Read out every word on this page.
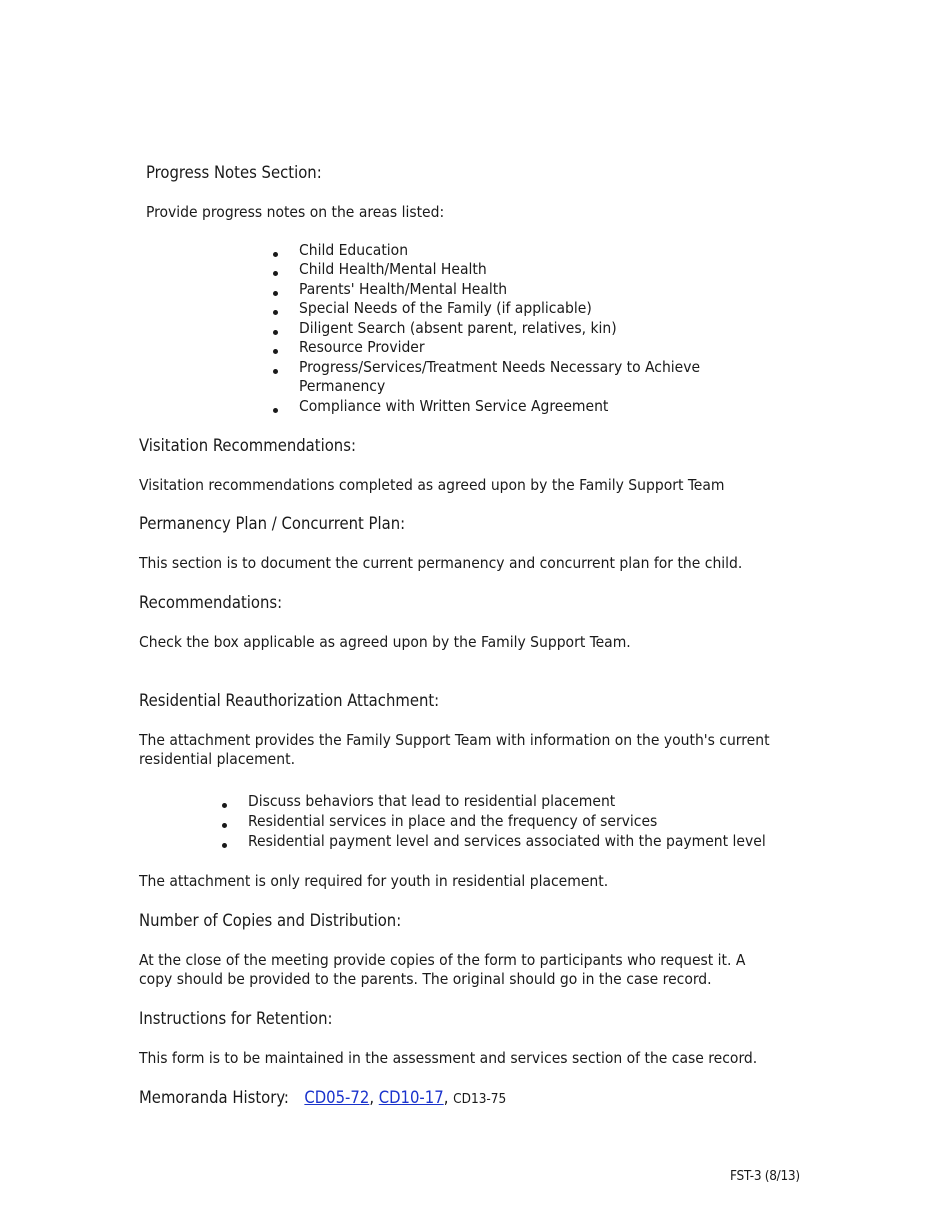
Progress Notes Section:
Provide progress notes on the areas listed:
Child Education
Child Health/Mental Health
Parents' Health/Mental Health
Special Needs of the Family (if applicable)
Diligent Search (absent parent, relatives, kin)
Resource Provider
Progress/Services/Treatment Needs Necessary to Achieve
Permanency
Compliance with Written Service Agreement
Visitation Recommendations:
Visitation recommendations completed as agreed upon by the Family Support Team
Permanency Plan / Concurrent Plan:
This section is to document the current permanency and concurrent plan for the child.
Recommendations:
Check the box applicable as agreed upon by the Family Support Team.
Residential Reauthorization Attachment:
The attachment provides the Family Support Team with information on the youth's current
residential placement.
Discuss behaviors that lead to residential placement
Residential services in place and the frequency of services
Residential payment level and services associated with the payment level
The attachment is only required for youth in residential placement.
Number of Copies and Distribution:
At the close of the meeting provide copies of the form to participants who request it. A
copy should be provided to the parents. The original should go in the case record.
Instructions for Retention:
This form is to be maintained in the assessment and services section of the case record.
Memoranda History: CD05-72, CD10-17, CD13-75
FST-3 (8/13)
